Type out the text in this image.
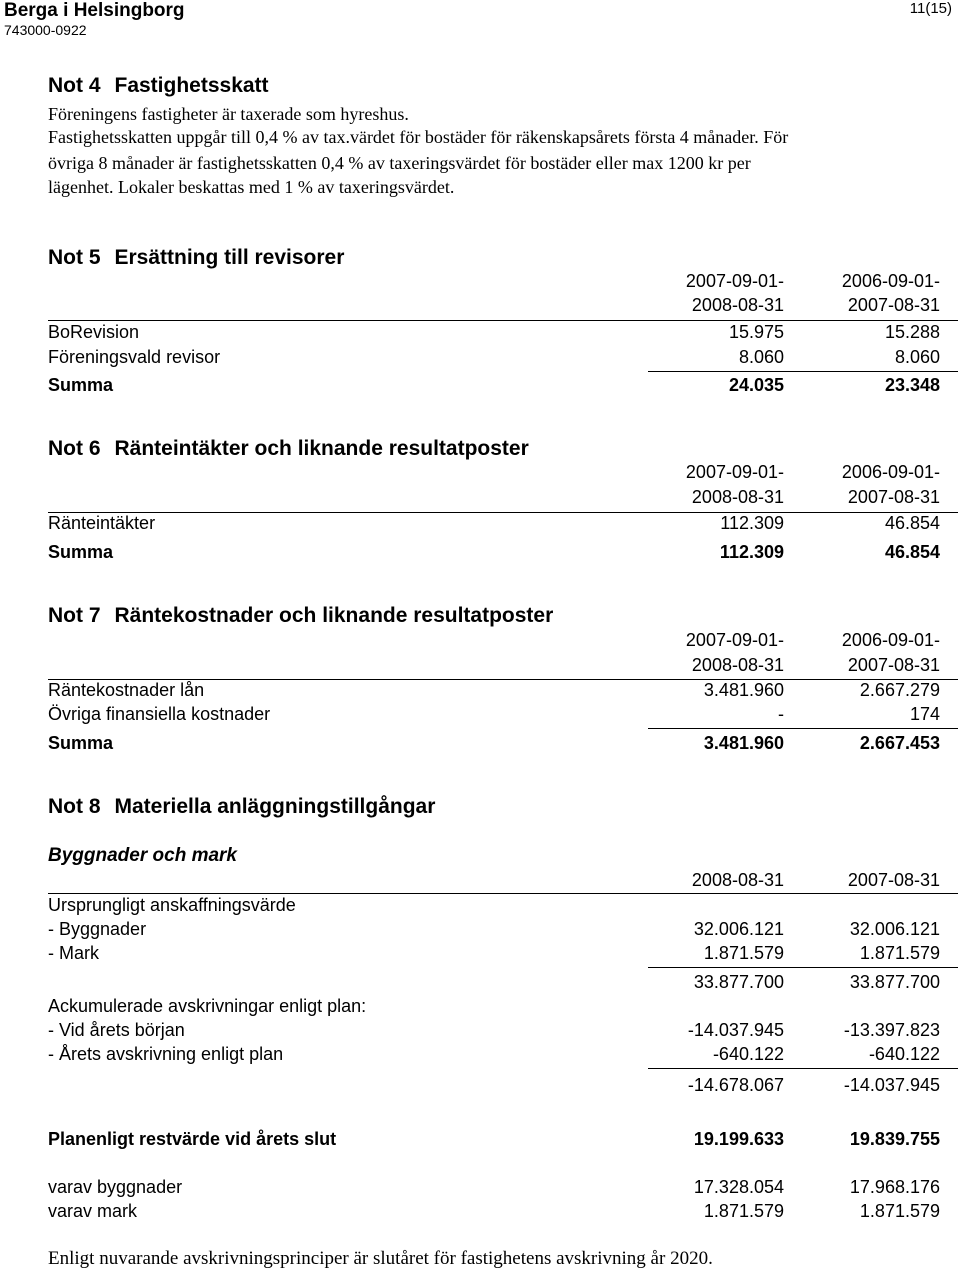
Berga i Helsingborg
743000-0922
11(15)
Not 4 Fastighetsskatt
Föreningens fastigheter är taxerade som hyreshus.
Fastighetsskatten uppgår till 0,4 % av tax.värdet för bostäder för räkenskapsårets första 4 månader. För
övriga 8 månader är fastighetsskatten 0,4 % av taxeringsvärdet för bostäder eller max 1200 kr per
lägenhet. Lokaler beskattas med 1 % av taxeringsvärdet.
Not 5 Ersättning till revisorer
2007-09-01-	2006-09-01-
2008-08-31	2007-08-31
BoRevision	15.975	15.288
Föreningsvald revisor	8.060	8.060
Summa	24.035	23.348
Not 6 Ränteintäkter och liknande resultatposter
2007-09-01-	2006-09-01-
2008-08-31	2007-08-31
Ränteintäkter	112.309	46.854
Summa	112.309	46.854
Not 7 Räntekostnader och liknande resultatposter
2007-09-01-	2006-09-01-
2008-08-31	2007-08-31
Räntekostnader lån	3.481.960	2.667.279
Övriga finansiella kostnader	-	174
Summa	3.481.960	2.667.453
Not 8 Materiella anläggningstillgångar
Byggnader och mark
2008-08-31	2007-08-31
Ursprungligt anskaffningsvärde
- Byggnader	32.006.121	32.006.121
- Mark	1.871.579	1.871.579
33.877.700	33.877.700
Ackumulerade avskrivningar enligt plan:
- Vid årets början	-14.037.945	-13.397.823
- Årets avskrivning enligt plan	-640.122	-640.122
-14.678.067	-14.037.945
Planenligt restvärde vid årets slut	19.199.633	19.839.755
varav byggnader	17.328.054	17.968.176
varav mark	1.871.579	1.871.579
Enligt nuvarande avskrivningsprinciper är slutåret för fastighetens avskrivning år 2020.
